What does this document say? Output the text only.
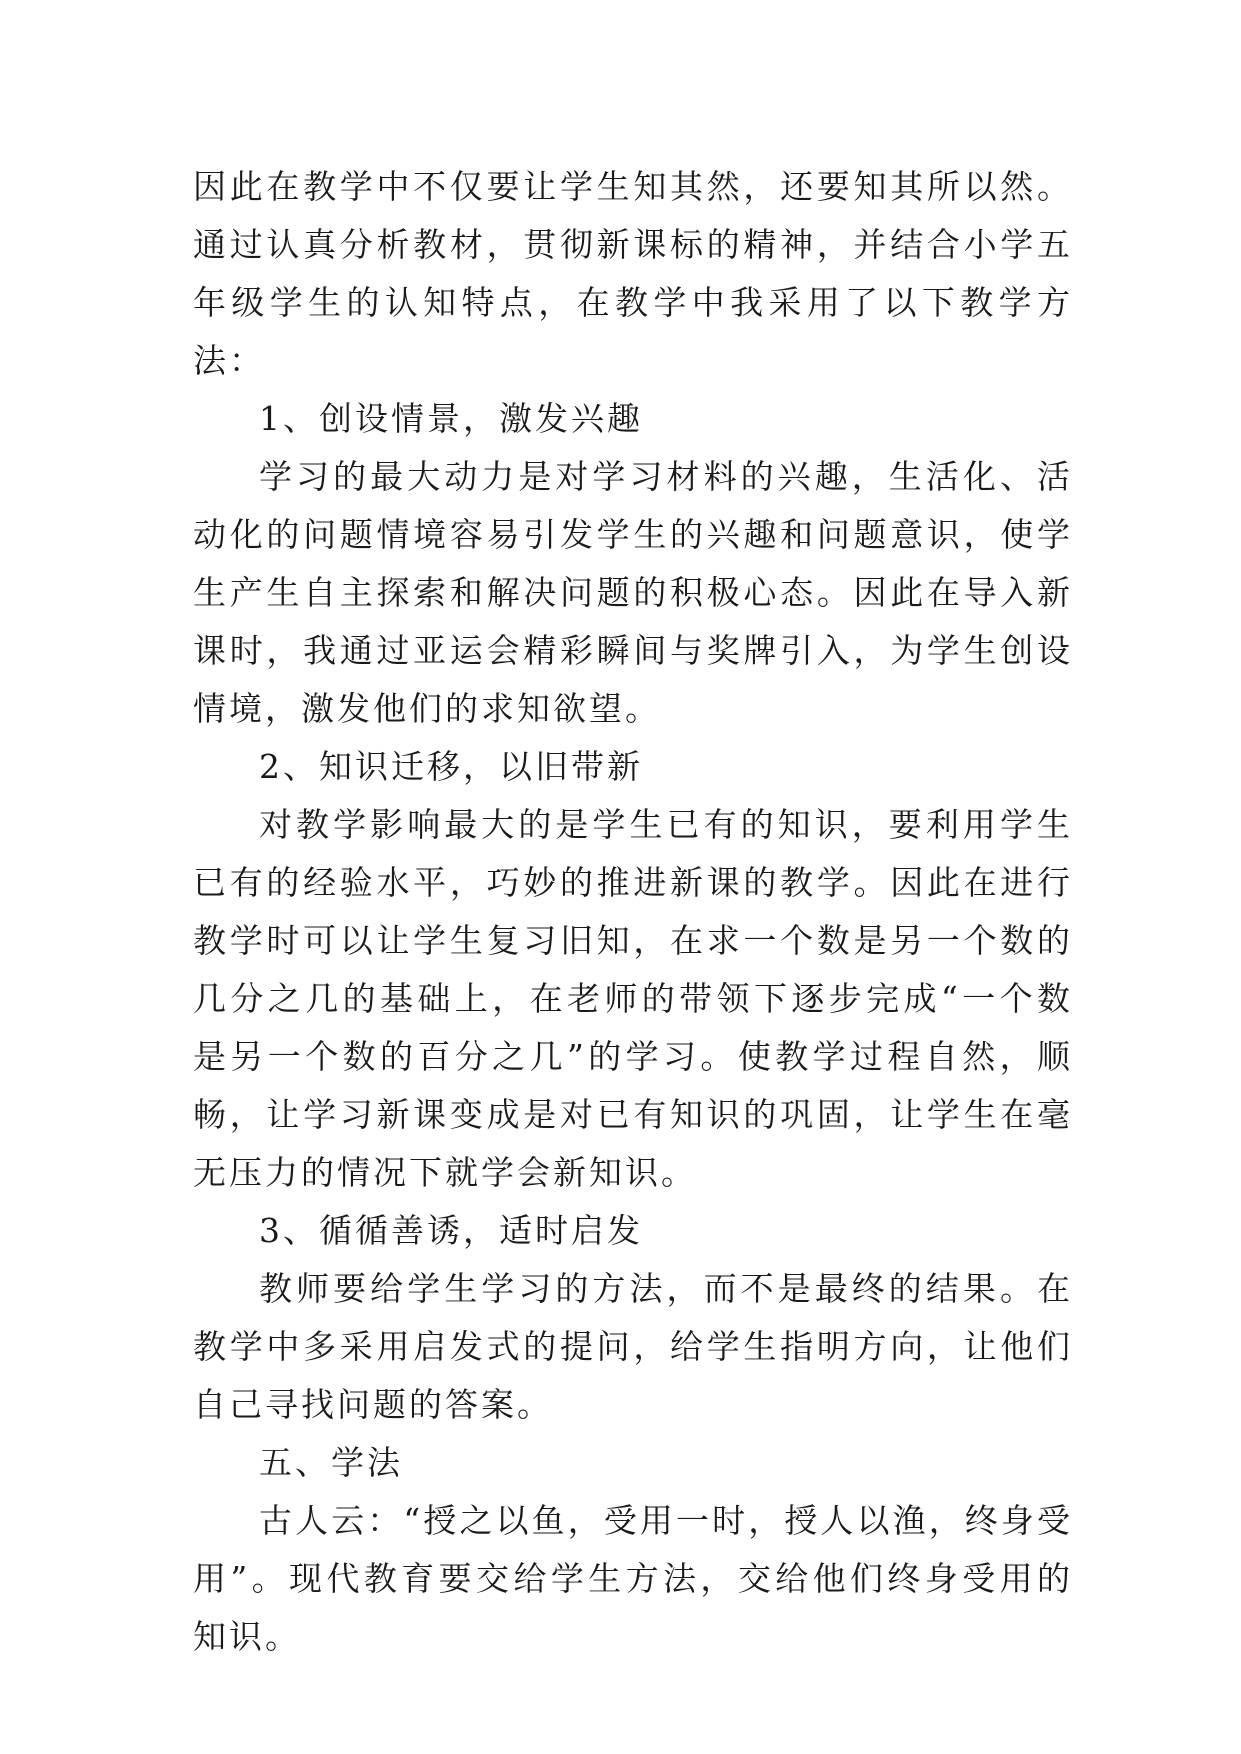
因此在教学中不仅要让学生知其然，还要知其所以然。通过认真分析教材，贯彻新课标的精神，并结合小学五年级学生的认知特点，在教学中我采用了以下教学方法：

1、创设情景，激发兴趣

学习的最大动力是对学习材料的兴趣，生活化、活动化的问题情境容易引发学生的兴趣和问题意识，使学生产生自主探索和解决问题的积极心态。因此在导入新课时，我通过亚运会精彩瞬间与奖牌引入，为学生创设情境，激发他们的求知欲望。

2、知识迁移，以旧带新

对教学影响最大的是学生已有的知识，要利用学生已有的经验水平，巧妙的推进新课的教学。因此在进行教学时可以让学生复习旧知，在求一个数是另一个数的几分之几的基础上，在老师的带领下逐步完成“一个数是另一个数的百分之几”的学习。使教学过程自然，顺畅，让学习新课变成是对已有知识的巩固，让学生在毫无压力的情况下就学会新知识。

3、循循善诱，适时启发

教师要给学生学习的方法，而不是最终的结果。在教学中多采用启发式的提问，给学生指明方向，让他们自己寻找问题的答案。

五、学法

古人云：“授之以鱼，受用一时，授人以渔，终身受用”。现代教育要交给学生方法，交给他们终身受用的知识。
